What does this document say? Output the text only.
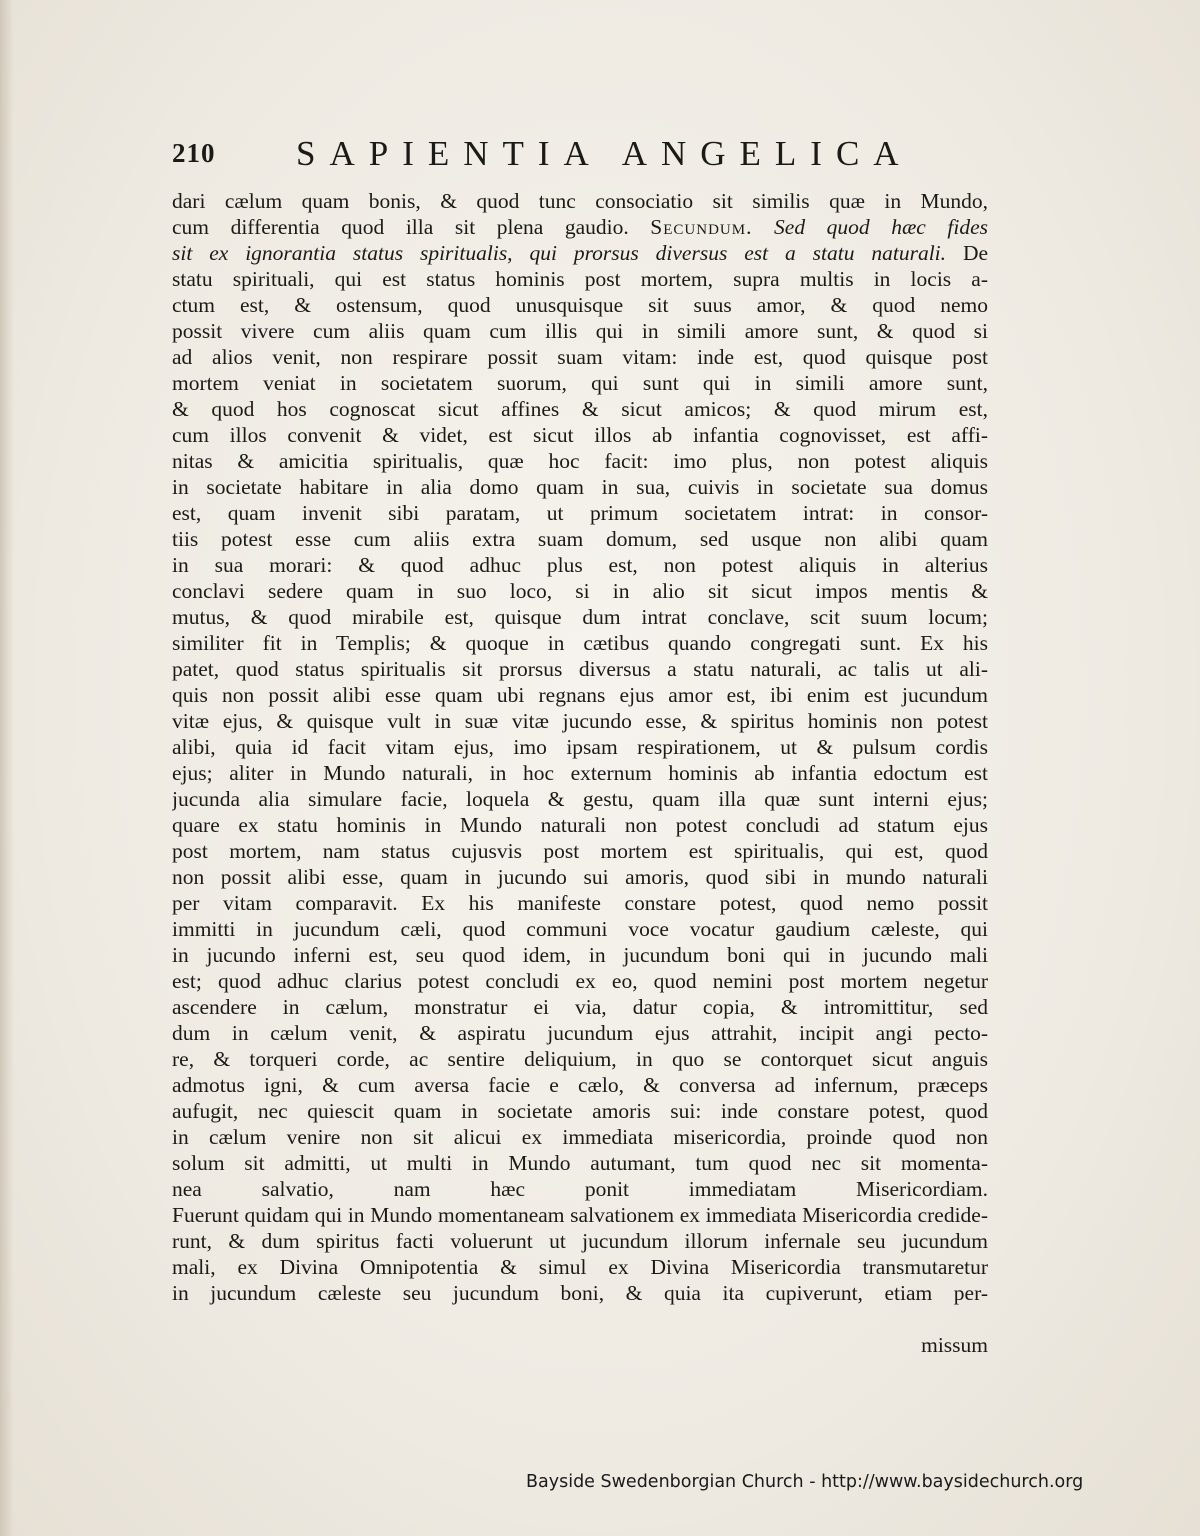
210 SAPIENTIA ANGELICA
dari cælum quam bonis, & quod tunc consociatio sit similis quæ in Mundo,
cum differentia quod illa sit plena gaudio. Secundum. Sed quod hæc fides
sit ex ignorantia status spiritualis, qui prorsus diversus est a statu naturali. De
statu spirituali, qui est status hominis post mortem, supra multis in locis a-
ctum est, & ostensum, quod unusquisque sit suus amor, & quod nemo
possit vivere cum aliis quam cum illis qui in simili amore sunt, & quod si
ad alios venit, non respirare possit suam vitam: inde est, quod quisque post
mortem veniat in societatem suorum, qui sunt qui in simili amore sunt,
& quod hos cognoscat sicut affines & sicut amicos; & quod mirum est,
cum illos convenit & videt, est sicut illos ab infantia cognovisset, est affi-
nitas & amicitia spiritualis, quæ hoc facit: imo plus, non potest aliquis
in societate habitare in alia domo quam in sua, cuivis in societate sua domus
est, quam invenit sibi paratam, ut primum societatem intrat: in consor-
tiis potest esse cum aliis extra suam domum, sed usque non alibi quam
in sua morari: & quod adhuc plus est, non potest aliquis in alterius
conclavi sedere quam in suo loco, si in alio sit sicut impos mentis &
mutus, & quod mirabile est, quisque dum intrat conclave, scit suum locum;
similiter fit in Templis; & quoque in cætibus quando congregati sunt. Ex his
patet, quod status spiritualis sit prorsus diversus a statu naturali, ac talis ut ali-
quis non possit alibi esse quam ubi regnans ejus amor est, ibi enim est jucundum
vitæ ejus, & quisque vult in suæ vitæ jucundo esse, & spiritus hominis non potest
alibi, quia id facit vitam ejus, imo ipsam respirationem, ut & pulsum cordis
ejus; aliter in Mundo naturali, in hoc externum hominis ab infantia edoctum est
jucunda alia simulare facie, loquela & gestu, quam illa quæ sunt interni ejus;
quare ex statu hominis in Mundo naturali non potest concludi ad statum ejus
post mortem, nam status cujusvis post mortem est spiritualis, qui est, quod
non possit alibi esse, quam in jucundo sui amoris, quod sibi in mundo naturali
per vitam comparavit. Ex his manifeste constare potest, quod nemo possit
immitti in jucundum cæli, quod communi voce vocatur gaudium cæleste, qui
in jucundo inferni est, seu quod idem, in jucundum boni qui in jucundo mali
est; quod adhuc clarius potest concludi ex eo, quod nemini post mortem negetur
ascendere in cælum, monstratur ei via, datur copia, & intromittitur, sed
dum in cælum venit, & aspiratu jucundum ejus attrahit, incipit angi pecto-
re, & torqueri corde, ac sentire deliquium, in quo se contorquet sicut anguis
admotus igni, & cum aversa facie e cælo, & conversa ad infernum, præceps
aufugit, nec quiescit quam in societate amoris sui: inde constare potest, quod
in cælum venire non sit alicui ex immediata misericordia, proinde quod non
solum sit admitti, ut multi in Mundo autumant, tum quod nec sit momenta-
nea salvatio, nam hæc ponit immediatam Misericordiam.
Fuerunt quidam qui in Mundo momentaneam salvationem ex immediata Misericordia credide-
runt, & dum spiritus facti voluerunt ut jucundum illorum infernale seu jucundum
mali, ex Divina Omnipotentia & simul ex Divina Misericordia transmutaretur
in jucundum cæleste seu jucundum boni, & quia ita cupiverunt, etiam per-
missum
Bayside Swedenborgian Church - http://www.baysidechurch.org
